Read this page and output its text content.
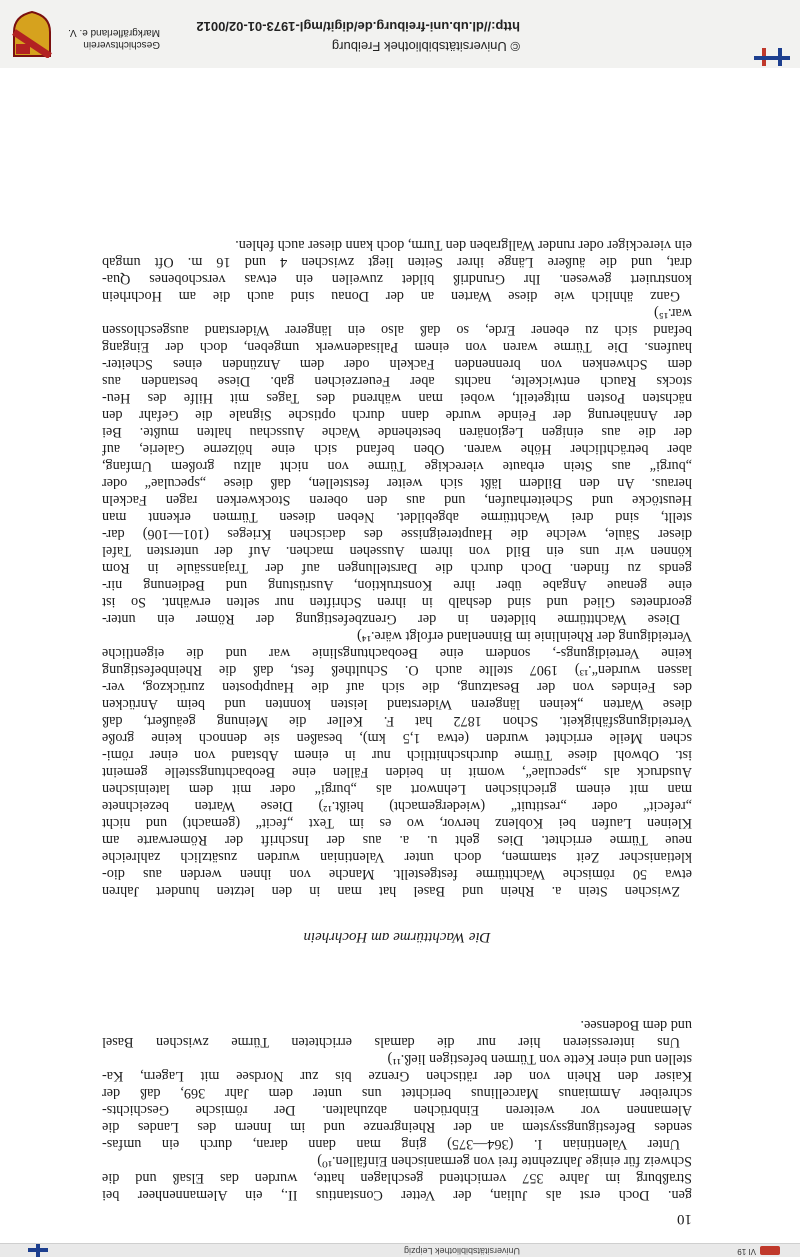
VI 19
Universitätsbibliothek Leipzig
10
gen. Doch erst als Julian, der Vetter Constantius II., ein Alemannenheer bei
Straßburg im Jahre 357 vernichtend geschlagen hatte, wurden das Elsaß und die
Schweiz für einige Jahrzehnte frei von germanischen Einfällen.¹⁰)
Unter Valentinian I. (364—375) ging man dann daran, durch ein umfas-
sendes Befestigungssystem an der Rheingrenze und im Innern des Landes die
Alemannen vor weiteren Einbrüchen abzuhalten. Der römische Geschichts-
schreiber Ammianus Marcellinus berichtet uns unter dem Jahr 369, daß der
Kaiser den Rhein von der rätischen Grenze bis zur Nordsee mit Lagern, Ka-
stellen und einer Kette von Türmen befestigen ließ.¹¹)
Uns interessieren hier nur die damals errichteten Türme zwischen Basel
und dem Bodensee.
Die Wachttürme am Hochrhein
Zwischen Stein a. Rhein und Basel hat man in den letzten hundert Jahren
etwa 50 römische Wachttürme festgestellt. Manche von ihnen werden aus dio-
kletianischer Zeit stammen, doch unter Valentinian wurden zusätzlich zahlreiche
neue Türme errichtet. Dies geht u. a. aus der Inschrift der Römerwarte am
Kleinen Laufen bei Koblenz hervor, wo es im Text „fecit“ (gemacht) und nicht
„refecit“ oder „restituit“ (wiedergemacht) heißt.¹²) Diese Warten bezeichnete
man mit einem griechischen Lehnwort als „burgi“ oder mit dem lateinischen
Ausdruck als „speculae“, womit in beiden Fällen eine Beobachtungsstelle gemeint
ist. Obwohl diese Türme durchschnittlich nur in einem Abstand von einer römi-
schen Meile errichtet wurden (etwa 1,5 km), besaßen sie dennoch keine große
Verteidigungsfähigkeit. Schon 1872 hat F. Keller die Meinung geäußert, daß
diese Warten „keinen längeren Widerstand leisten konnten und beim Anrücken
des Feindes von der Besatzung, die sich auf die Hauptposten zurückzog, ver-
lassen wurden“.¹³) 1907 stellte auch O. Schultheß fest, daß die Rheinbefestigung
keine Verteidigungs-, sondern eine Beobachtungslinie war und die eigentliche
Verteidigung der Rheinlinie im Binnenland erfolgt wäre.¹⁴)
Diese Wachttürme bildeten in der Grenzbefestigung der Römer ein unter-
geordnetes Glied und sind deshalb in ihren Schriften nur selten erwähnt. So ist
eine genaue Angabe über ihre Konstruktion, Ausrüstung und Bedienung nir-
gends zu finden. Doch durch die Darstellungen auf der Trajanssäule in Rom
können wir uns ein Bild von ihrem Aussehen machen. Auf der untersten Tafel
dieser Säule, welche die Hauptereignisse des dacischen Krieges (101—106) dar-
stellt, sind drei Wachttürme abgebildet. Neben diesen Türmen erkennt man
Heustöcke und Scheiterhaufen, und aus den oberen Stockwerken ragen Fackeln
heraus. An den Bildern läßt sich weiter feststellen, daß diese „speculae“ oder
„burgi“ aus Stein erbaute viereckige Türme von nicht allzu großem Umfang,
aber beträchtlicher Höhe waren. Oben befand sich eine hölzerne Galerie, auf
der die aus einigen Legionären bestehende Wache Ausschau halten mußte. Bei
der Annäherung der Feinde wurde dann durch optische Signale die Gefahr den
nächsten Posten mitgeteilt, wobei man während des Tages mit Hilfe des Heu-
stocks Rauch entwickelte, nachts aber Feuerzeichen gab. Diese bestanden aus
dem Schwenken von brennenden Fackeln oder dem Anzünden eines Scheiter-
haufens. Die Türme waren von einem Palisadenwerk umgeben, doch der Eingang
befand sich zu ebener Erde, so daß also ein längerer Widerstand ausgeschlossen
war.¹⁵)
Ganz ähnlich wie diese Warten an der Donau sind auch die am Hochrhein
konstruiert gewesen. Ihr Grundriß bildet zuweilen ein etwas verschobenes Qua-
drat, und die äußere Länge ihrer Seiten liegt zwischen 4 und 16 m. Oft umgab
ein viereckiger oder runder Wallgraben den Turm, doch kann dieser auch fehlen.
© Universitätsbibliothek Freiburg
http://dl.ub.uni-freiburg.de/digit/mgl-1973-01-02/0012
Geschichtsverein Markgräflerland e. V.
